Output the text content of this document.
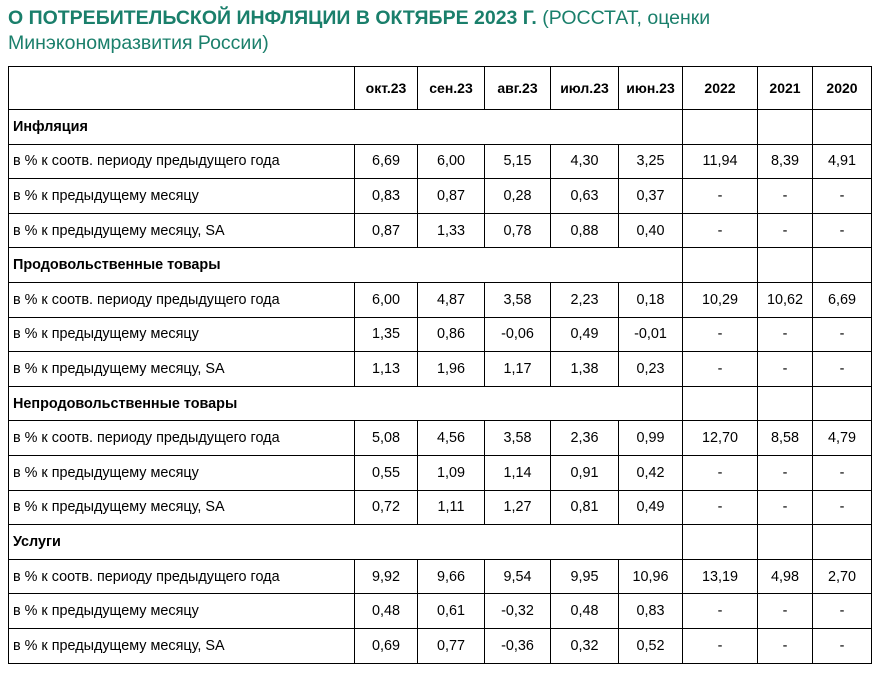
О ПОТРЕБИТЕЛЬСКОЙ ИНФЛЯЦИИ В ОКТЯБРЕ 2023 Г. (РОССТАТ, оценки Минэкономразвития России)
	окт.23	сен.23	авг.23	июл.23	июн.23	2022	2021	2020
Инфляция								
в % к соотв. периоду предыдущего года	6,69	6,00	5,15	4,30	3,25	11,94	8,39	4,91
в % к предыдущему месяцу	0,83	0,87	0,28	0,63	0,37	-	-	-
в % к предыдущему месяцу, SA	0,87	1,33	0,78	0,88	0,40	-	-	-
Продовольственные товары								
в % к соотв. периоду предыдущего года	6,00	4,87	3,58	2,23	0,18	10,29	10,62	6,69
в % к предыдущему месяцу	1,35	0,86	-0,06	0,49	-0,01	-	-	-
в % к предыдущему месяцу, SA	1,13	1,96	1,17	1,38	0,23	-	-	-
Непродовольственные товары								
в % к соотв. периоду предыдущего года	5,08	4,56	3,58	2,36	0,99	12,70	8,58	4,79
в % к предыдущему месяцу	0,55	1,09	1,14	0,91	0,42	-	-	-
в % к предыдущему месяцу, SA	0,72	1,11	1,27	0,81	0,49	-	-	-
Услуги								
в % к соотв. периоду предыдущего года	9,92	9,66	9,54	9,95	10,96	13,19	4,98	2,70
в % к предыдущему месяцу	0,48	0,61	-0,32	0,48	0,83	-	-	-
в % к предыдущему месяцу, SA	0,69	0,77	-0,36	0,32	0,52	-	-	-
